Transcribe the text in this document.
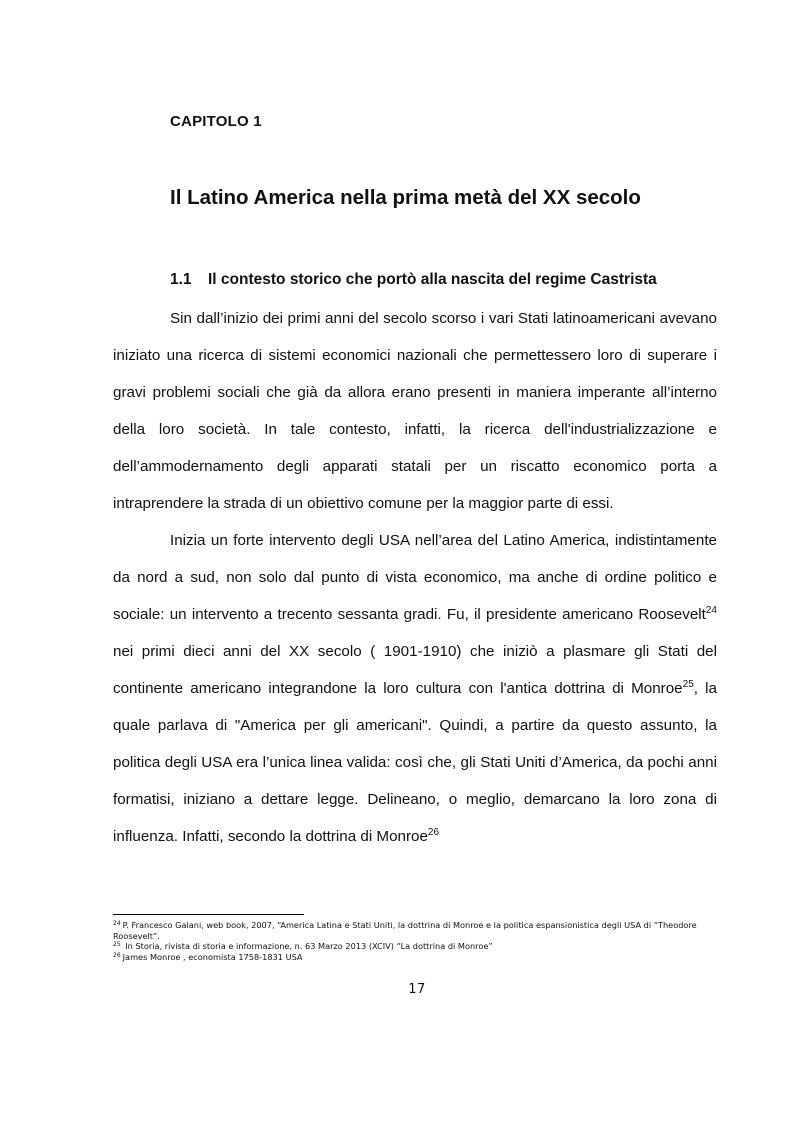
CAPITOLO 1
Il Latino America nella prima metà del XX secolo
1.1 Il contesto storico che portò alla nascita del regime Castrista

Sin dall’inizio dei primi anni del secolo scorso i vari Stati latinoamericani avevano iniziato una ricerca di sistemi economici nazionali che permettessero loro di superare i gravi problemi sociali che già da allora erano presenti in maniera imperante all’interno della loro società. In tale contesto, infatti, la ricerca dell'industrializzazione e dell’ammodernamento degli apparati statali per un riscatto economico porta a intraprendere la strada di un obiettivo comune per la maggior parte di essi.

Inizia un forte intervento degli USA nell’area del Latino America, indistintamente da nord a sud, non solo dal punto di vista economico, ma anche di ordine politico e sociale: un intervento a trecento sessanta gradi. Fu, il presidente americano Roosevelt$^{24}$ nei primi dieci anni del XX secolo ( 1901-1910) che iniziò a plasmare gli Stati del continente americano integrandone la loro cultura con l'antica dottrina di Monroe$^{25}$, la quale parlava di "America per gli americani". Quindi, a partire da questo assunto, la politica degli USA era l’unica linea valida: così che, gli Stati Uniti d’America, da pochi anni formatisi, iniziano a dettare legge. Delineano, o meglio, demarcano la loro zona di influenza. Infatti, secondo la dottrina di Monroe$^{26}$

$^{24}$ P. Francesco Galani, web book, 2007, “America Latina e Stati Uniti, la dottrina di Monroe e la politica espansionistica degli USA di “Theodore Roosevelt”.
$^{25}$ In Storia, rivista di storia e informazione, n. 63 Marzo 2013 (XCIV) “La dottrina di Monroe”
$^{26}$ James Monroe , economista 1758-1831 USA
17
